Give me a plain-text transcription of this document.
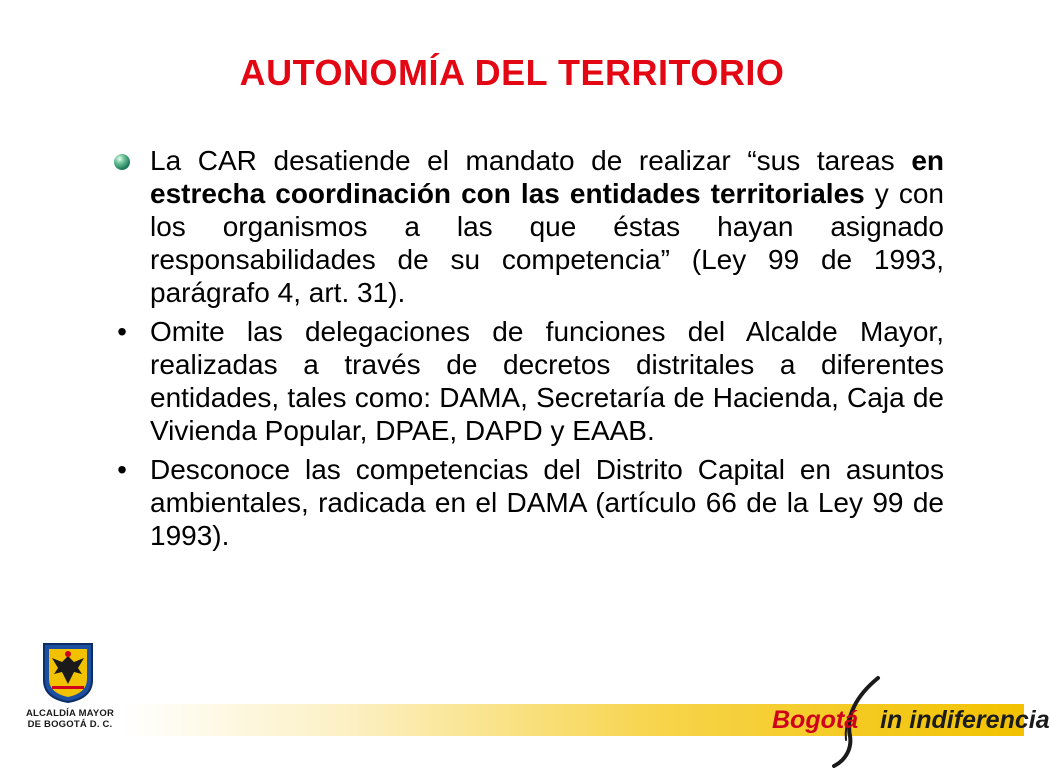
AUTONOMÍA DEL TERRITORIO
La CAR desatiende el mandato de realizar “sus tareas en estrecha coordinación con las entidades territoriales y con los organismos a las que éstas hayan asignado responsabilidades de su competencia” (Ley 99 de 1993, parágrafo 4, art. 31).
• Omite las delegaciones de funciones del Alcalde Mayor, realizadas a través de decretos distritales a diferentes entidades, tales como: DAMA, Secretaría de Hacienda, Caja de Vivienda Popular, DPAE, DAPD y EAAB.
• Desconoce las competencias del Distrito Capital en asuntos ambientales, radicada en el DAMA (artículo 66 de la Ley 99 de 1993).
ALCALDÍA MAYOR
DE BOGOTÁ D. C.	Bogotá in indiferencia
